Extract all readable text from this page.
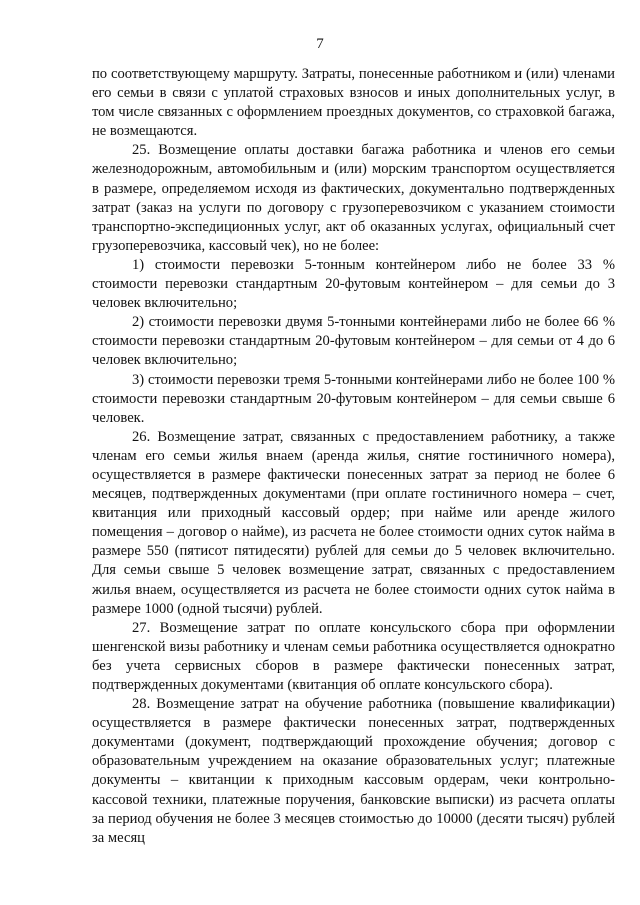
7

по соответствующему маршруту. Затраты, понесенные работником и (или) членами его семьи в связи с уплатой страховых взносов и иных дополнительных услуг, в том числе связанных с оформлением проездных документов, со страховкой багажа, не возмещаются.

25. Возмещение оплаты доставки багажа работника и членов его семьи железнодорожным, автомобильным и (или) морским транспортом осуществляется в размере, определяемом исходя из фактических, документально подтвержденных затрат (заказ на услуги по договору с грузоперевозчиком с указанием стоимости транспортно-экспедиционных услуг, акт об оказанных услугах, официальный счет грузоперевозчика, кассовый чек), но не более:

1) стоимости перевозки 5-тонным контейнером либо не более 33 % стоимости перевозки стандартным 20-футовым контейнером – для семьи до 3 человек включительно;

2) стоимости перевозки двумя 5-тонными контейнерами либо не более 66 % стоимости перевозки стандартным 20-футовым контейнером – для семьи от 4 до 6 человек включительно;

3) стоимости перевозки тремя 5-тонными контейнерами либо не более 100 % стоимости перевозки стандартным 20-футовым контейнером – для семьи свыше 6 человек.

26. Возмещение затрат, связанных с предоставлением работнику, а также членам его семьи жилья внаем (аренда жилья, снятие гостиничного номера), осуществляется в размере фактически понесенных затрат за период не более 6 месяцев, подтвержденных документами (при оплате гостиничного номера – счет, квитанция или приходный кассовый ордер; при найме или аренде жилого помещения – договор о найме), из расчета не более стоимости одних суток найма в размере 550 (пятисот пятидесяти) рублей для семьи до 5 человек включительно. Для семьи свыше 5 человек возмещение затрат, связанных с предоставлением жилья внаем, осуществляется из расчета не более стоимости одних суток найма в размере 1000 (одной тысячи) рублей.

27. Возмещение затрат по оплате консульского сбора при оформлении шенгенской визы работнику и членам семьи работника осуществляется однократно без учета сервисных сборов в размере фактически понесенных затрат, подтвержденных документами (квитанция об оплате консульского сбора).

28. Возмещение затрат на обучение работника (повышение квалификации) осуществляется в размере фактически понесенных затрат, подтвержденных документами (документ, подтверждающий прохождение обучения; договор с образовательным учреждением на оказание образовательных услуг; платежные документы – квитанции к приходным кассовым ордерам, чеки контрольно-кассовой техники, платежные поручения, банковские выписки) из расчета оплаты за период обучения не более 3 месяцев стоимостью до 10000 (десяти тысяч) рублей за месяц
